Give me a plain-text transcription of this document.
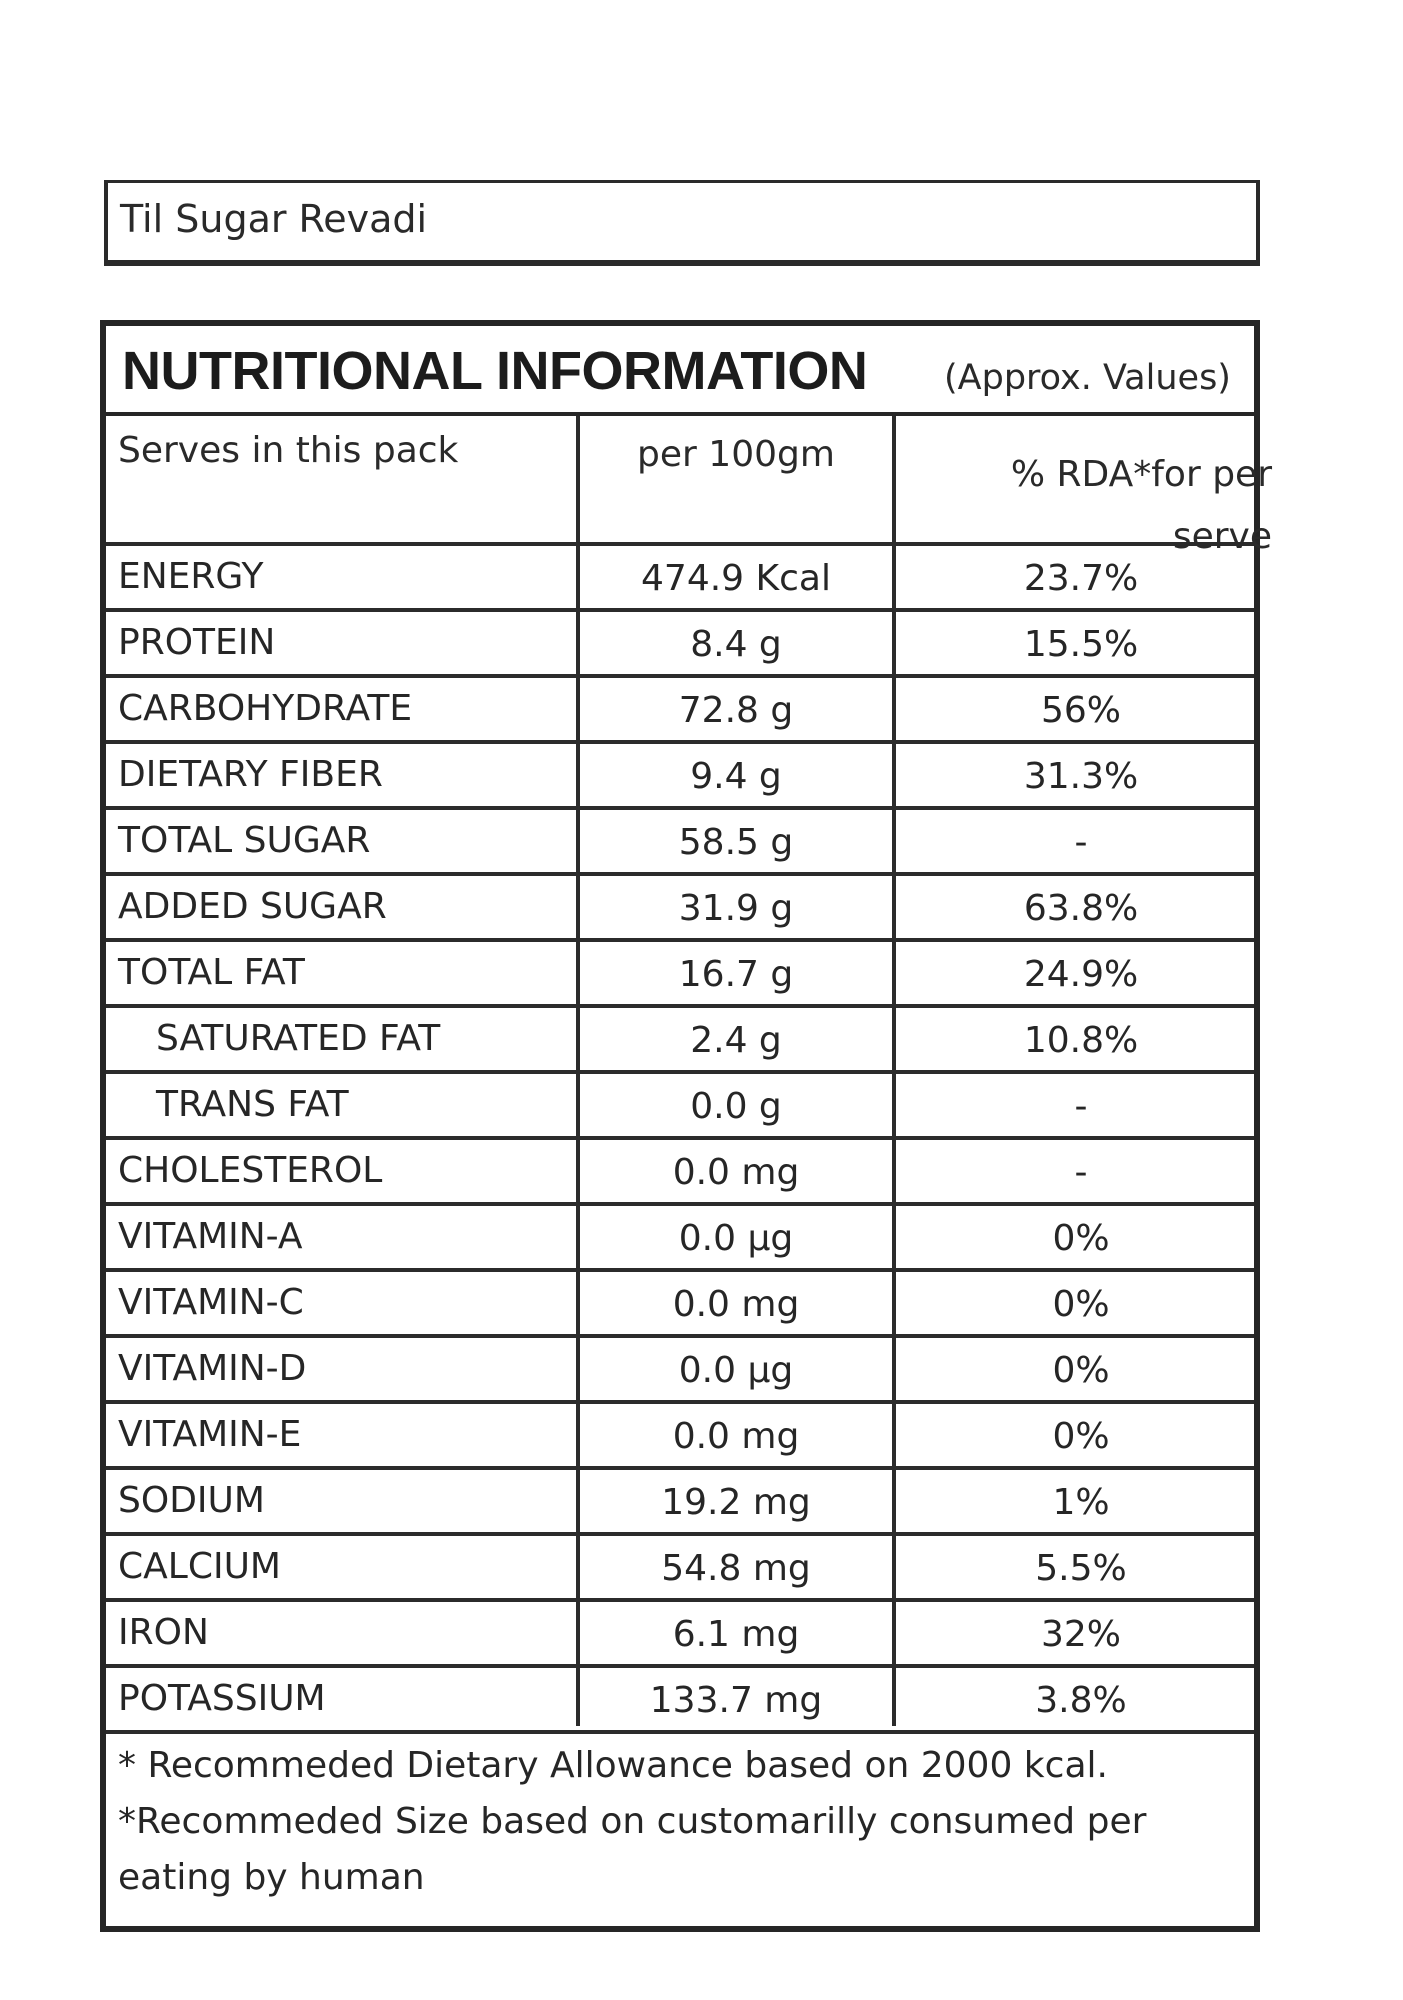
Til Sugar Revadi
NUTRITIONAL INFORMATION (Approx. Values)
Serves in this pack	per 100gm	% RDA*for per
serve
ENERGY	474.9 Kcal	23.7%
PROTEIN	8.4 g	15.5%
CARBOHYDRATE	72.8 g	56%
DIETARY FIBER	9.4 g	31.3%
TOTAL SUGAR	58.5 g	-
ADDED SUGAR	31.9 g	63.8%
TOTAL FAT	16.7 g	24.9%
SATURATED FAT	2.4 g	10.8%
TRANS FAT	0.0 g	-
CHOLESTEROL	0.0 mg	-
VITAMIN-A	0.0 µg	0%
VITAMIN-C	0.0 mg	0%
VITAMIN-D	0.0 µg	0%
VITAMIN-E	0.0 mg	0%
SODIUM	19.2 mg	1%
CALCIUM	54.8 mg	5.5%
IRON	6.1 mg	32%
POTASSIUM	133.7 mg	3.8%
* Recommeded Dietary Allowance based on 2000 kcal.
*Recommeded Size based on customarilly consumed per
eating by human
